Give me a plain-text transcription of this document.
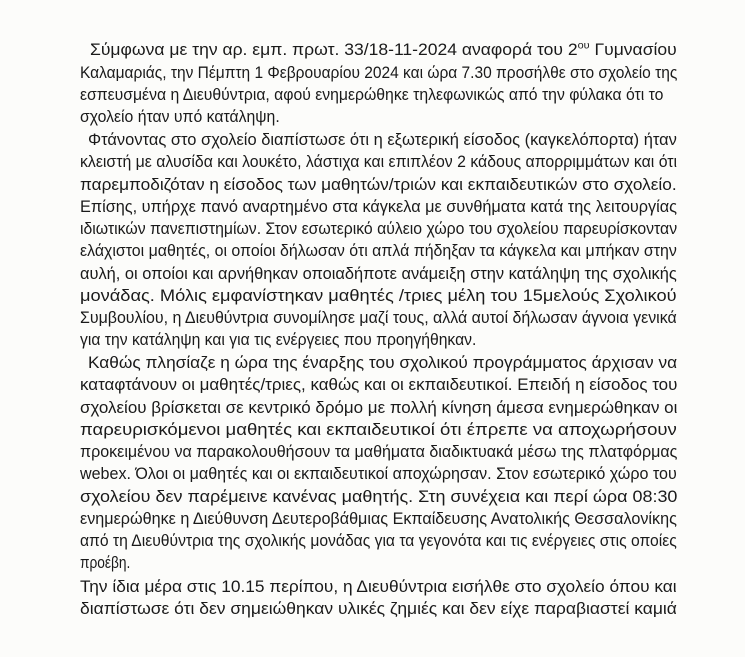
Σύμφωνα με την αρ. εμπ. πρωτ. 33/18-11-2024 αναφορά του $2^{o\upsilon}$ Γυμνασίου
Καλαμαριάς, την Πέμπτη 1 Φεβρουαρίου 2024 και ώρα 7.30 προσήλθε στο σχολείο της
εσπευσμένα η Διευθύντρια, αφού ενημερώθηκε τηλεφωνικώς από την φύλακα ότι το
σχολείο ήταν υπό κατάληψη.
Φτάνοντας στο σχολείο διαπίστωσε ότι η εξωτερική είσοδος (καγκελόπορτα) ήταν
κλειστή με αλυσίδα και λουκέτο, λάστιχα και επιπλέον 2 κάδους απορριμμάτων και ότι
παρεμποδιζόταν η είσοδος των μαθητών/τριών και εκπαιδευτικών στο σχολείο.
Επίσης, υπήρχε πανό αναρτημένο στα κάγκελα με συνθήματα κατά της λειτουργίας
ιδιωτικών πανεπιστημίων. Στον εσωτερικό αύλειο χώρο του σχολείου παρευρίσκονταν
ελάχιστοι μαθητές, οι οποίοι δήλωσαν ότι απλά πήδηξαν τα κάγκελα και μπήκαν στην
αυλή, οι οποίοι και αρνήθηκαν οποιαδήποτε ανάμειξη στην κατάληψη της σχολικής
μονάδας. Μόλις εμφανίστηκαν μαθητές /τριες μέλη του 15μελούς Σχολικού
Συμβουλίου, η Διευθύντρια συνομίλησε μαζί τους, αλλά αυτοί δήλωσαν άγνοια γενικά
για την κατάληψη και για τις ενέργειες που προηγήθηκαν.
Καθώς πλησίαζε η ώρα της έναρξης του σχολικού προγράμματος άρχισαν να
καταφτάνουν οι μαθητές/τριες, καθώς και οι εκπαιδευτικοί. Επειδή η είσοδος του
σχολείου βρίσκεται σε κεντρικό δρόμο με πολλή κίνηση άμεσα ενημερώθηκαν οι
παρευρισκόμενοι μαθητές και εκπαιδευτικοί ότι έπρεπε να αποχωρήσουν
προκειμένου να παρακολουθήσουν τα μαθήματα διαδικτυακά μέσω της πλατφόρμας
webex. Όλοι οι μαθητές και οι εκπαιδευτικοί αποχώρησαν. Στον εσωτερικό χώρο του
σχολείου δεν παρέμεινε κανένας μαθητής. Στη συνέχεια και περί ώρα 08:30
ενημερώθηκε η Διεύθυνση Δευτεροβάθμιας Εκπαίδευσης Ανατολικής Θεσσαλονίκης
από τη Διευθύντρια της σχολικής μονάδας για τα γεγονότα και τις ενέργειες στις οποίες
προέβη.
Την ίδια μέρα στις 10.15 περίπου, η Διευθύντρια εισήλθε στο σχολείο όπου και
διαπίστωσε ότι δεν σημειώθηκαν υλικές ζημιές και δεν είχε παραβιαστεί καμιά
